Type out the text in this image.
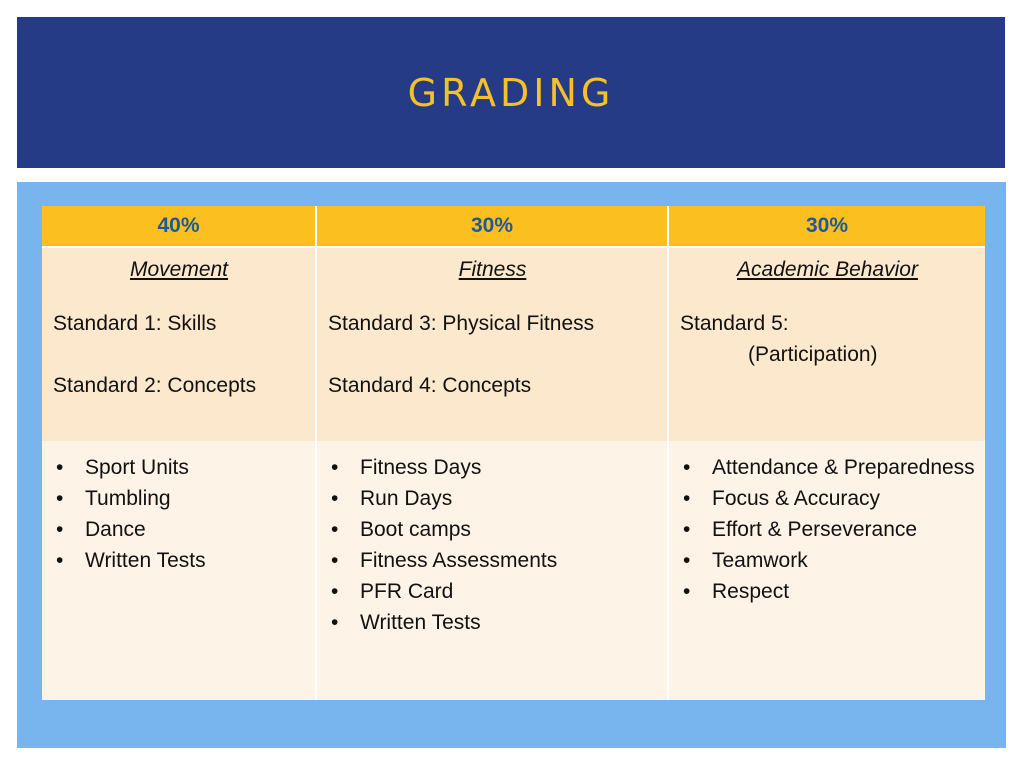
GRADING
40%	30%	30%
Movement
Standard 1: Skills
Standard 2: Concepts
Fitness
Standard 3: Physical Fitness
Standard 4: Concepts
Academic Behavior
Standard 5:
(Participation)
• Sport Units
• Tumbling
• Dance
• Written Tests
• Fitness Days
• Run Days
• Boot camps
• Fitness Assessments
• PFR Card
• Written Tests
• Attendance & Preparedness
• Focus & Accuracy
• Effort & Perseverance
• Teamwork
• Respect
